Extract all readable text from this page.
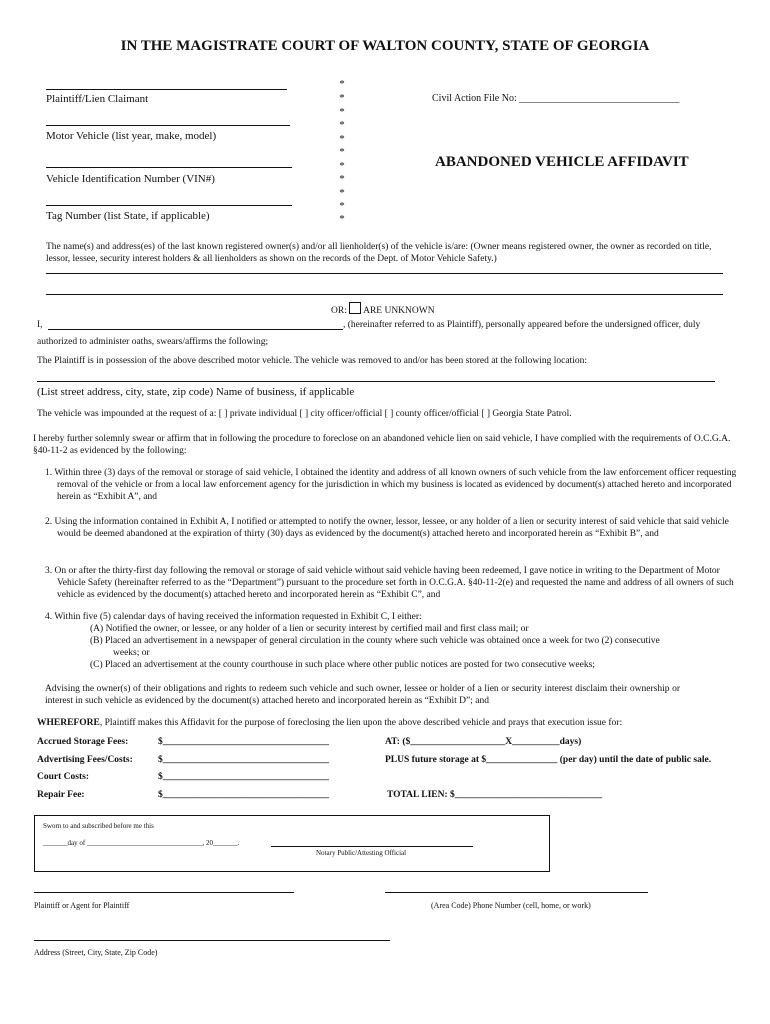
IN THE MAGISTRATE COURT OF WALTON COUNTY, STATE OF GEORGIA
Plaintiff/Lien Claimant
Motor Vehicle (list year, make, model)
Vehicle Identification Number (VIN#)
Tag Number (list State, if applicable)
*
*
*
*
*
*
*
*
*
*
*
Civil Action File No: ________________________________
ABANDONED VEHICLE AFFIDAVIT
The name(s) and address(es) of the last known registered owner(s) and/or all lienholder(s) of the vehicle is/are: (Owner means registered owner, the owner as recorded on title, lessor, lessee, security interest holders & all lienholders as shown on the records of the Dept. of Motor Vehicle Safety.)
OR: ARE UNKNOWN
I,	, (hereinafter referred to as Plaintiff), personally appeared before the undersigned officer, duly
authorized to administer oaths, swears/affirms the following;
The Plaintiff is in possession of the above described motor vehicle. The vehicle was removed to and/or has been stored at the following location:
(List street address, city, state, zip code) Name of business, if applicable
The vehicle was impounded at the request of a: [ ] private individual [ ] city officer/official [ ] county officer/official [ ] Georgia State Patrol.
I hereby further solemnly swear or affirm that in following the procedure to foreclose on an abandoned vehicle lien on said vehicle, I have complied with the requirements of O.C.G.A. §40-11-2 as evidenced by the following:
1. Within three (3) days of the removal or storage of said vehicle, I obtained the identity and address of all known owners of such vehicle from the law enforcement officer requesting removal of the vehicle or from a local law enforcement agency for the jurisdiction in which my business is located as evidenced by document(s) attached hereto and incorporated herein as “Exhibit A”, and
2. Using the information contained in Exhibit A, I notified or attempted to notify the owner, lessor, lessee, or any holder of a lien or security interest of said vehicle that said vehicle would be deemed abandoned at the expiration of thirty (30) days as evidenced by the document(s) attached hereto and incorporated herein as “Exhibit B”, and
3. On or after the thirty-first day following the removal or storage of said vehicle without said vehicle having been redeemed, I gave notice in writing to the Department of Motor Vehicle Safety (hereinafter referred to as the “Department”) pursuant to the procedure set forth in O.C.G.A. §40-11-2(e) and requested the name and address of all owners of such vehicle as evidenced by the document(s) attached hereto and incorporated herein as “Exhibit C”, and
4. Within five (5) calendar days of having received the information requested in Exhibit C, I either:
(A) Notified the owner, or lessee, or any holder of a lien or security interest by certified mail and first class mail; or
(B) Placed an advertisement in a newspaper of general circulation in the county where such vehicle was obtained once a week for two (2) consecutive weeks; or
(C) Placed an advertisement at the county courthouse in such place where other public notices are posted for two consecutive weeks;
Advising the owner(s) of their obligations and rights to redeem such vehicle and such owner, lessee or holder of a lien or security interest disclaim their ownership or interest in such vehicle as evidenced by the document(s) attached hereto and incorporated herein as “Exhibit D”; and
WHEREFORE, Plaintiff makes this Affidavit for the purpose of foreclosing the lien upon the above described vehicle and prays that execution issue for:
Accrued Storage Fees:	$___________________________________	AT: ($____________________X__________days)
Advertising Fees/Costs:	$___________________________________	PLUS future storage at $_______________ (per day) until the date of public sale.
Court Costs:	$___________________________________
Repair Fee:	$___________________________________	TOTAL LIEN: $_______________________________
Sworn to and subscribed before me this
_______day of _________________________________, 20_______.
Notary Public/Attesting Official
Plaintiff or Agent for Plaintiff	(Area Code) Phone Number (cell, home, or work)
Address (Street, City, State, Zip Code)
